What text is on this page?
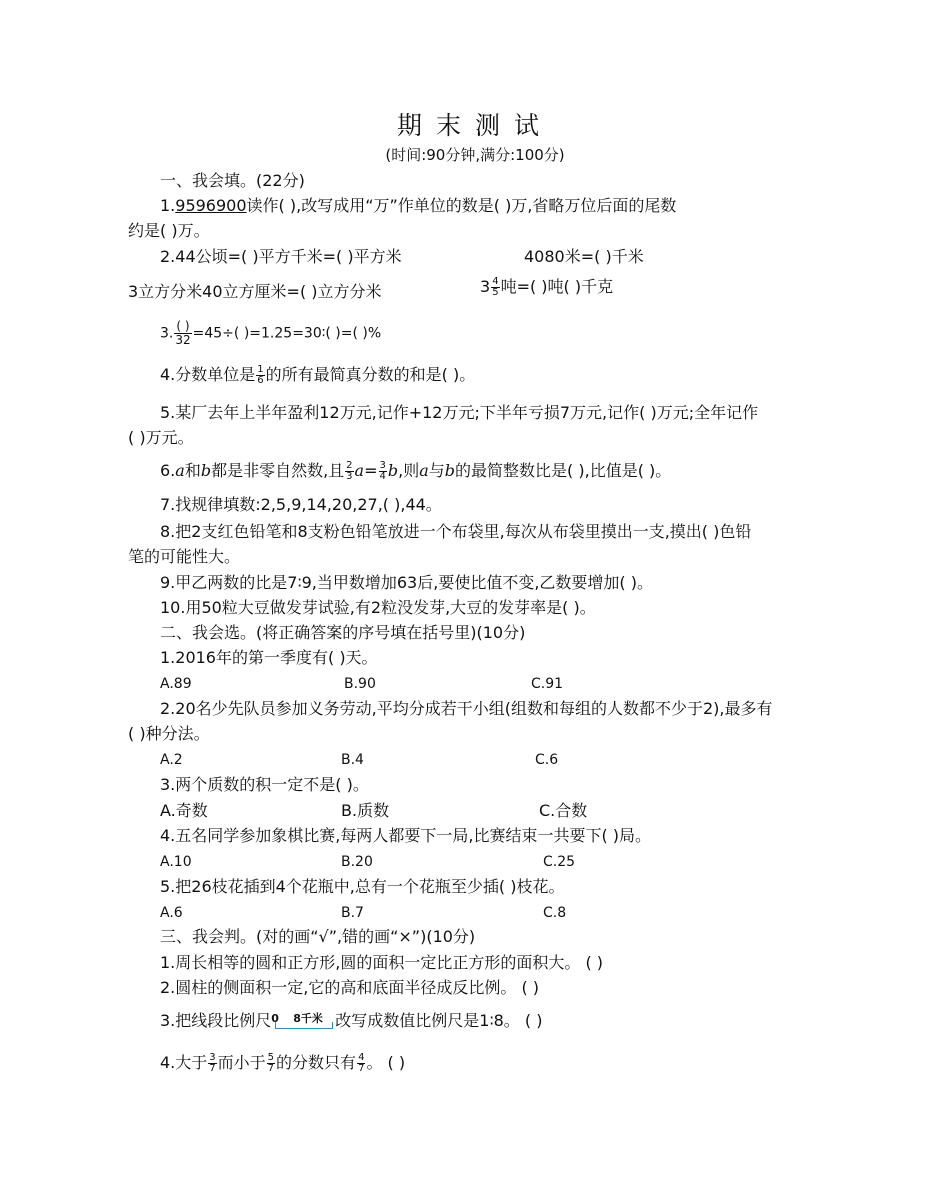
期末测试
(时间:90分钟,满分:100分)
一、我会填。(22分)
1.9596900读作( ),改写成用“万”作单位的数是( )万,省略万位后面的尾数
约是( )万。
2.44公顷=( )平方千米=( )平方米	4080米=( )千米
3立方分米40立方厘米=( )立方分米	$3 \frac{4}{5}$ 吨=( )吨( )千克
3. $\frac{( )}{32} =45\div$( )=1.25=30∶( )=( )%
4.分数单位是 $\frac{1}{6}$ 的所有最简真分数的和是( )。
5.某厂去年上半年盈利12万元,记作+12万元;下半年亏损7万元,记作( )万元;全年记作
( )万元。
6.a和b都是非零自然数,且 $\frac{2}{3} a= \frac{3}{4} b$,则a与b的最简整数比是( ),比值是( )。
7.找规律填数:2,5,9,14,20,27,( ),44。
8.把2支红色铅笔和8支粉色铅笔放进一个布袋里,每次从布袋里摸出一支,摸出( )色铅
笔的可能性大。
9.甲乙两数的比是7∶9,当甲数增加63后,要使比值不变,乙数要增加( )。
10.用50粒大豆做发芽试验,有2粒没发芽,大豆的发芽率是( )。
二、我会选。(将正确答案的序号填在括号里)(10分)
1.2016年的第一季度有( )天。
A.89	B.90	C.91
2.20名少先队员参加义务劳动,平均分成若干小组(组数和每组的人数都不少于2),最多有
( )种分法。
A.2	B.4	C.6
3.两个质数的积一定不是( )。
A.奇数	B.质数	C.合数
4.五名同学参加象棋比赛,每两人都要下一局,比赛结束一共要下( )局。
A.10	B.20	C.25
5.把26枝花插到4个花瓶中,总有一个花瓶至少插( )枝花。
A.6	B.7	C.8
三、我会判。(对的画“√”,错的画“×”)(10分)
1.周长相等的圆和正方形,圆的面积一定比正方形的面积大。 ( )
2.圆柱的侧面积一定,它的高和底面半径成反比例。 ( )
3.把线段比例尺 0 8千米 改写成数值比例尺是1∶8。 ( )
4.大于 $\frac{3}{7}$ 而小于 $\frac{5}{7}$ 的分数只有 $\frac{4}{7}$ 。 ( )
